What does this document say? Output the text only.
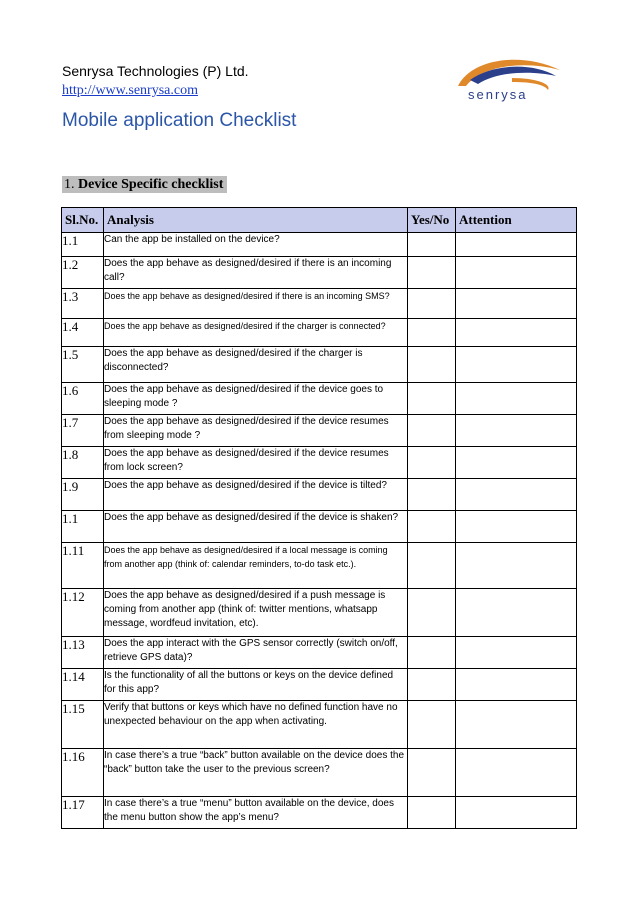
Senrysa Technologies (P) Ltd.
http://www.senrysa.com
Mobile application Checklist
senrysa
1. Device Specific checklist
Sl.No.	Analysis	Yes/No	Attention
1.1	Can the app be installed on the device?		
1.2	Does the app behave as designed/desired if there is an incoming call?		
1.3	Does the app behave as designed/desired if there is an incoming SMS?		
1.4	Does the app behave as designed/desired if the charger is connected?		
1.5	Does the app behave as designed/desired if the charger is disconnected?		
1.6	Does the app behave as designed/desired if the device goes to sleeping mode ?		
1.7	Does the app behave as designed/desired if the device resumes from sleeping mode ?		
1.8	Does the app behave as designed/desired if the device resumes from lock screen?		
1.9	Does the app behave as designed/desired if the device is tilted?		
1.1	Does the app behave as designed/desired if the device is shaken?		
1.11	Does the app behave as designed/desired if a local message is coming from another app (think of: calendar reminders, to-do task etc.).		
1.12	Does the app behave as designed/desired if a push message is coming from another app (think of: twitter mentions, whatsapp message, wordfeud invitation, etc).		
1.13	Does the app interact with the GPS sensor correctly (switch on/off, retrieve GPS data)?		
1.14	Is the functionality of all the buttons or keys on the device defined for this app?		
1.15	Verify that buttons or keys which have no defined function have no unexpected behaviour on the app when activating.		
1.16	In case there’s a true “back” button available on the device does the “back” button take the user to the previous screen?		
1.17	In case there’s a true “menu” button available on the device, does the menu button show the app’s menu?		
